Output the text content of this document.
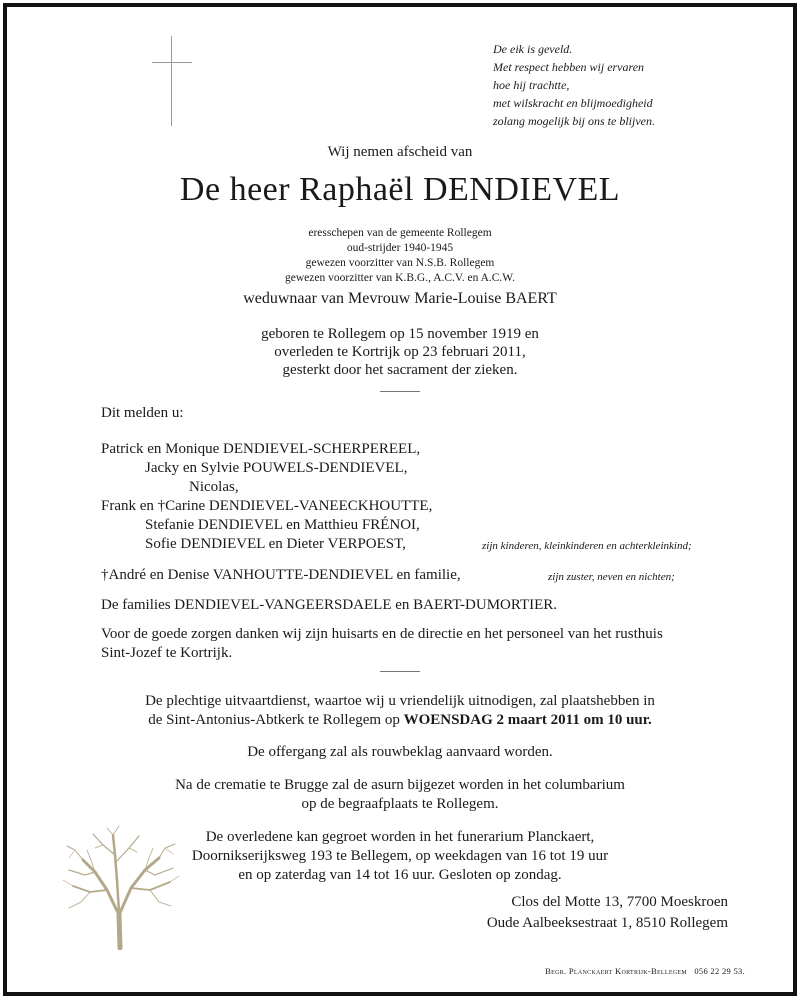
De eik is geveld.
Met respect hebben wij ervaren
hoe hij trachtte,
met wilskracht en blijmoedigheid
zolang mogelijk bij ons te blijven.
Wij nemen afscheid van
De heer Raphaël DENDIEVEL
eresschepen van de gemeente Rollegem
oud-strijder 1940-1945
gewezen voorzitter van N.S.B. Rollegem
gewezen voorzitter van K.B.G., A.C.V. en A.C.W.
weduwnaar van Mevrouw Marie-Louise BAERT
geboren te Rollegem op 15 november 1919 en
overleden te Kortrijk op 23 februari 2011,
gesterkt door het sacrament der zieken.
Dit melden u:
Patrick en Monique DENDIEVEL-SCHERPEREEL,
Jacky en Sylvie POUWELS-DENDIEVEL,
Nicolas,
Frank en †Carine DENDIEVEL-VANEECKHOUTTE,
Stefanie DENDIEVEL en Matthieu FRÉNOI,
Sofie DENDIEVEL en Dieter VERPOEST,	zijn kinderen, kleinkinderen en achterkleinkind;
†André en Denise VANHOUTTE-DENDIEVEL en familie,	zijn zuster, neven en nichten;
De families DENDIEVEL-VANGEERSDAELE en BAERT-DUMORTIER.
Voor de goede zorgen danken wij zijn huisarts en de directie en het personeel van het rusthuis
Sint-Jozef te Kortrijk.
De plechtige uitvaartdienst, waartoe wij u vriendelijk uitnodigen, zal plaatshebben in
de Sint-Antonius-Abtkerk te Rollegem op WOENSDAG 2 maart 2011 om 10 uur.
De offergang zal als rouwbeklag aanvaard worden.
Na de crematie te Brugge zal de asurn bijgezet worden in het columbarium
op de begraafplaats te Rollegem.
De overledene kan gegroet worden in het funerarium Planckaert,
Doornikserijksweg 193 te Bellegem, op weekdagen van 16 tot 19 uur
en op zaterdag van 14 tot 16 uur. Gesloten op zondag.
Clos del Motte 13, 7700 Moeskroen
Oude Aalbeeksestraat 1, 8510 Rollegem
Begr. Planckaert Kortrijk-Bellegem 056 22 29 53.
